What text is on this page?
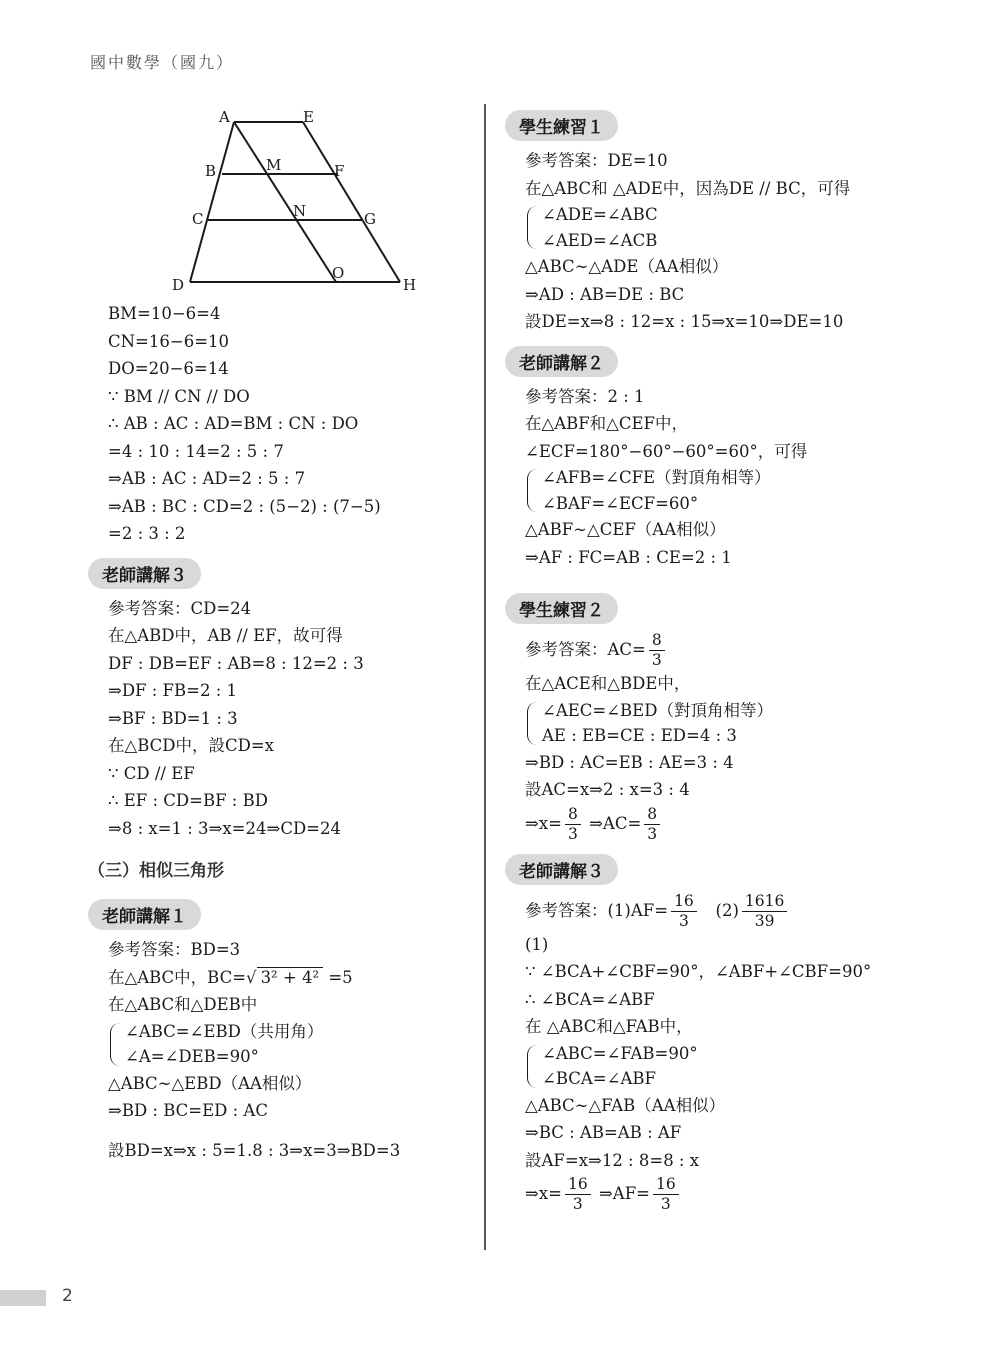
國中數學（國九）
A	E
B	M	F
C	N	G
D
O
H
BM=10−6=4
CN=16−6=10
DO=20−6=14
∵ BM // CN // DO
∴ AB : AC : AD=BM : CN : DO
=4 : 10 : 14=2 : 5 : 7
⇒AB : AC : AD=2 : 5 : 7
⇒AB : BC : CD=2 : (5−2) : (7−5)
=2 : 3 : 2
老師講解３
參考答案：CD=24
在△ABD中，AB // EF，故可得
DF : DB=EF : AB=8 : 12=2 : 3
⇒DF : FB=2 : 1
⇒BF : BD=1 : 3
在△BCD中，設CD=x
∵ CD // EF
∴ EF : CD=BF : BD
⇒8 : x=1 : 3⇒x=24⇒CD=24
（三）相似三角形
老師講解１
參考答案：BD=3
在△ABC中，BC=√ 3² + 4² =5
在△ABC和△DEB中
∠ABC=∠EBD（共用角）
∠A=∠DEB=90°
△ABC∼△EBD（AA相似）
⇒BD : BC=ED : AC
設BD=x⇒x : 5=1.8 : 3⇒x=3⇒BD=3
學生練習１
參考答案：DE=10
在△ABC和 △ADE中，因為DE // BC，可得
∠ADE=∠ABC
∠AED=∠ACB
△ABC∼△ADE（AA相似）
⇒AD : AB=DE : BC
設DE=x⇒8 : 12=x : 15⇒x=10⇒DE=10
老師講解２
參考答案：2 : 1
在△ABF和△CEF中，
∠ECF=180°−60°−60°=60°，可得
∠AFB=∠CFE（對頂角相等）
∠BAF=∠ECF=60°
△ABF∼△CEF（AA相似）
⇒AF : FC=AB : CE=2 : 1
學生練習２
參考答案：$AC= \frac{8}{3}$
在△ACE和△BDE中，
∠AEC=∠BED（對頂角相等）
AE : EB=CE : ED=4 : 3
⇒BD : AC=EB : AE=3 : 4
設AC=x⇒2 : x=3 : 4
⇒x= $\frac{8}{3}$ ⇒AC= $\frac{8}{3}$
老師講解３
參考答案：$(1)AF= \frac{16}{3} (2) \frac{1616}{39}$
(1)
∵ ∠BCA+∠CBF=90°，∠ABF+∠CBF=90°
∴ ∠BCA=∠ABF
在 △ABC和△FAB中，
∠ABC=∠FAB=90°
∠BCA=∠ABF
△ABC∼△FAB（AA相似）
⇒BC : AB=AB : AF
設AF=x⇒12 : 8=8 : x
⇒x= $\frac{16}{3}$ ⇒AF= $\frac{16}{3}$
2
